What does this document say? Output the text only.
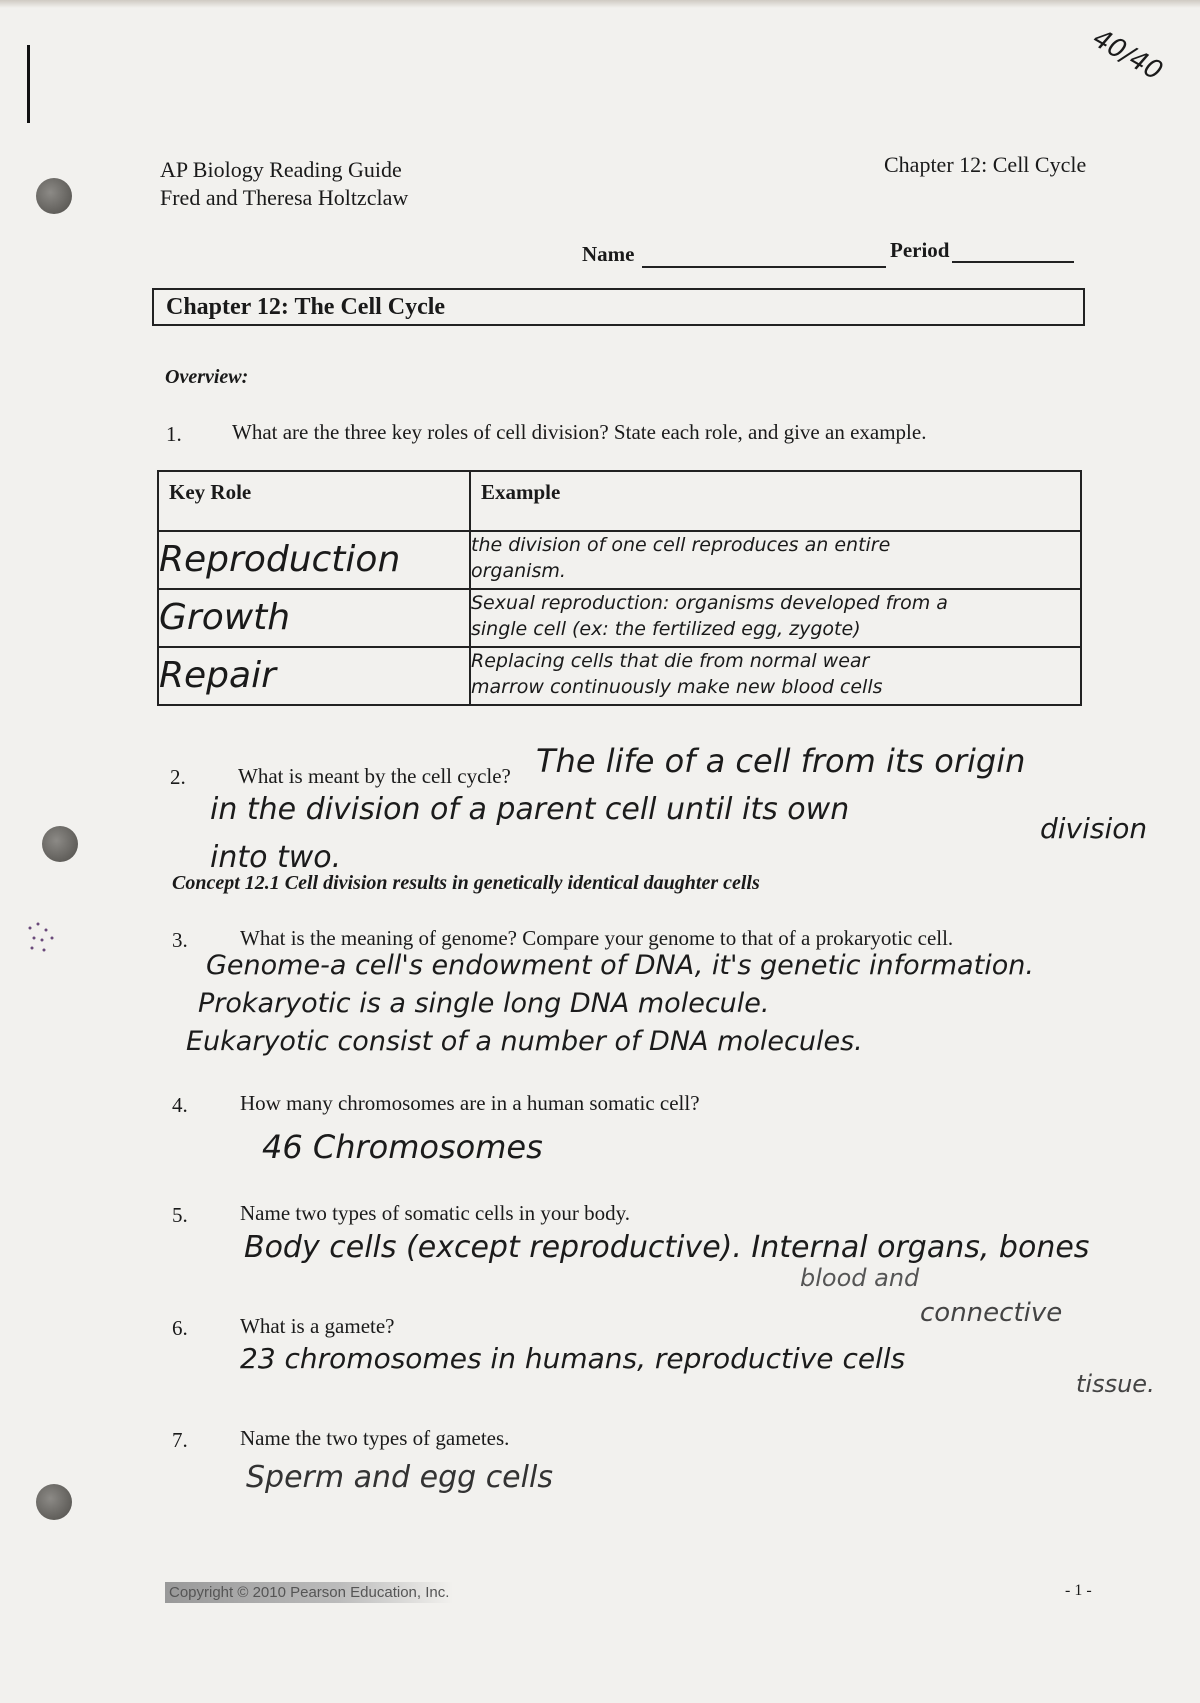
40/40
AP Biology Reading Guide
Fred and Theresa Holtzclaw
Chapter 12: Cell Cycle
Name	Period
Chapter 12: The Cell Cycle
Overview:
1. What are the three key roles of cell division? State each role, and give an example.
Key Role	Example
Reproduction	the division of one cell reproduces an entire
organism.

Growth	Sexual reproduction: organisms developed from a
single cell (ex: the fertilized egg, zygote)

Repair	Replacing cells that die from normal wear
marrow continuously make new blood cells
2. What is meant by the cell cycle? The life of a cell from its origin
in the division of a parent cell until its own
division
into two.
Concept 12.1 Cell division results in genetically identical daughter cells
3. What is the meaning of genome? Compare your genome to that of a prokaryotic cell.
Genome-a cell's endowment of DNA, it's genetic information.
Prokaryotic is a single long DNA molecule.
Eukaryotic consist of a number of DNA molecules.
4. How many chromosomes are in a human somatic cell?
46 Chromosomes
5. Name two types of somatic cells in your body.
Body cells (except reproductive). Internal organs, bones
blood and
connective
tissue.
6. What is a gamete?
23 chromosomes in humans, reproductive cells
7. Name the two types of gametes.
Sperm and egg cells
Copyright © 2010 Pearson Education, Inc.	- 1 -
